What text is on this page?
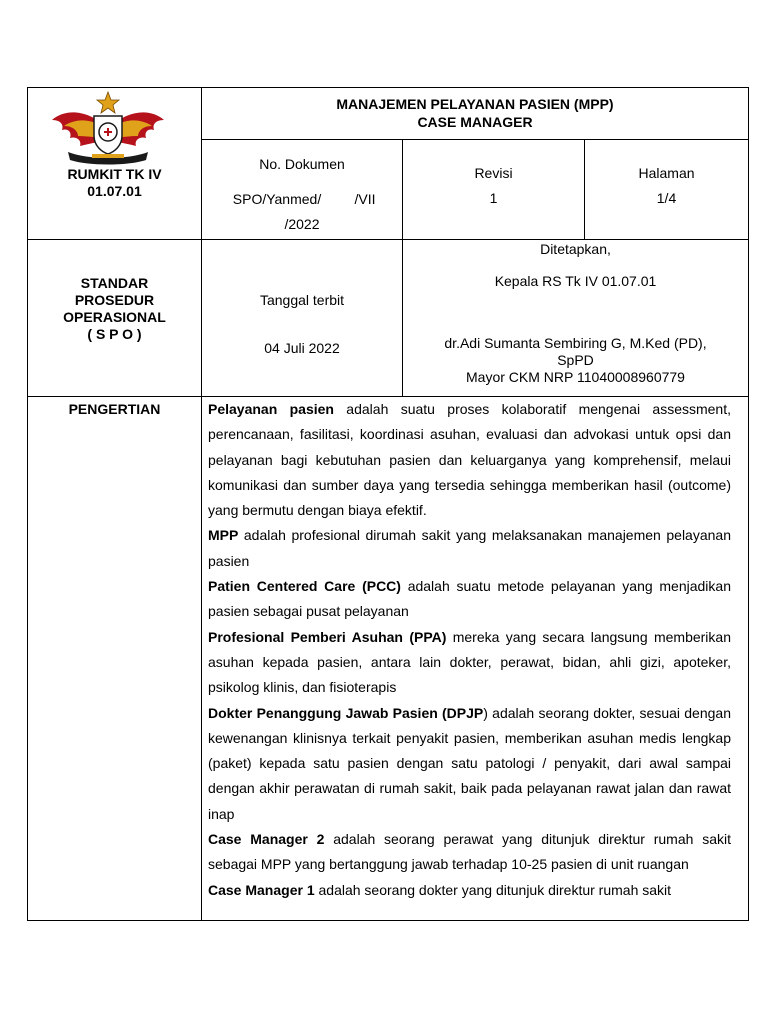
RUMKIT TK IV
01.07.01
MANAJEMEN PELAYANAN PASIEN (MPP)
CASE MANAGER
No. Dokumen
SPO/Yanmed/	/VII
/2022
Revisi
1
Halaman
1/4
STANDAR
PROSEDUR
OPERASIONAL
( S P O )
Tanggal terbit
04 Juli 2022
Ditetapkan,
Kepala RS Tk IV 01.07.01
dr.Adi Sumanta Sembiring G, M.Ked (PD),
SpPD
Mayor CKM NRP 11040008960779
PENGERTIAN	Pelayanan pasien adalah suatu proses kolaboratif mengenai assessment, perencanaan, fasilitasi, koordinasi asuhan, evaluasi dan advokasi untuk opsi dan pelayanan bagi kebutuhan pasien dan keluarganya yang komprehensif, melaui komunikasi dan sumber daya yang tersedia sehingga memberikan hasil (outcome) yang bermutu dengan biaya efektif.

MPP adalah profesional dirumah sakit yang melaksanakan manajemen pelayanan pasien

Patien Centered Care (PCC) adalah suatu metode pelayanan yang menjadikan pasien sebagai pusat pelayanan

Profesional Pemberi Asuhan (PPA) mereka yang secara langsung memberikan asuhan kepada pasien, antara lain dokter, perawat, bidan, ahli gizi, apoteker, psikolog klinis, dan fisioterapis

Dokter Penanggung Jawab Pasien (DPJP) adalah seorang dokter, sesuai dengan kewenangan klinisnya terkait penyakit pasien, memberikan asuhan medis lengkap (paket) kepada satu pasien dengan satu patologi / penyakit, dari awal sampai dengan akhir perawatan di rumah sakit, baik pada pelayanan rawat jalan dan rawat inap

Case Manager 2 adalah seorang perawat yang ditunjuk direktur rumah sakit sebagai MPP yang bertanggung jawab terhadap 10-25 pasien di unit ruangan

Case Manager 1 adalah seorang dokter yang ditunjuk direktur rumah sakit
